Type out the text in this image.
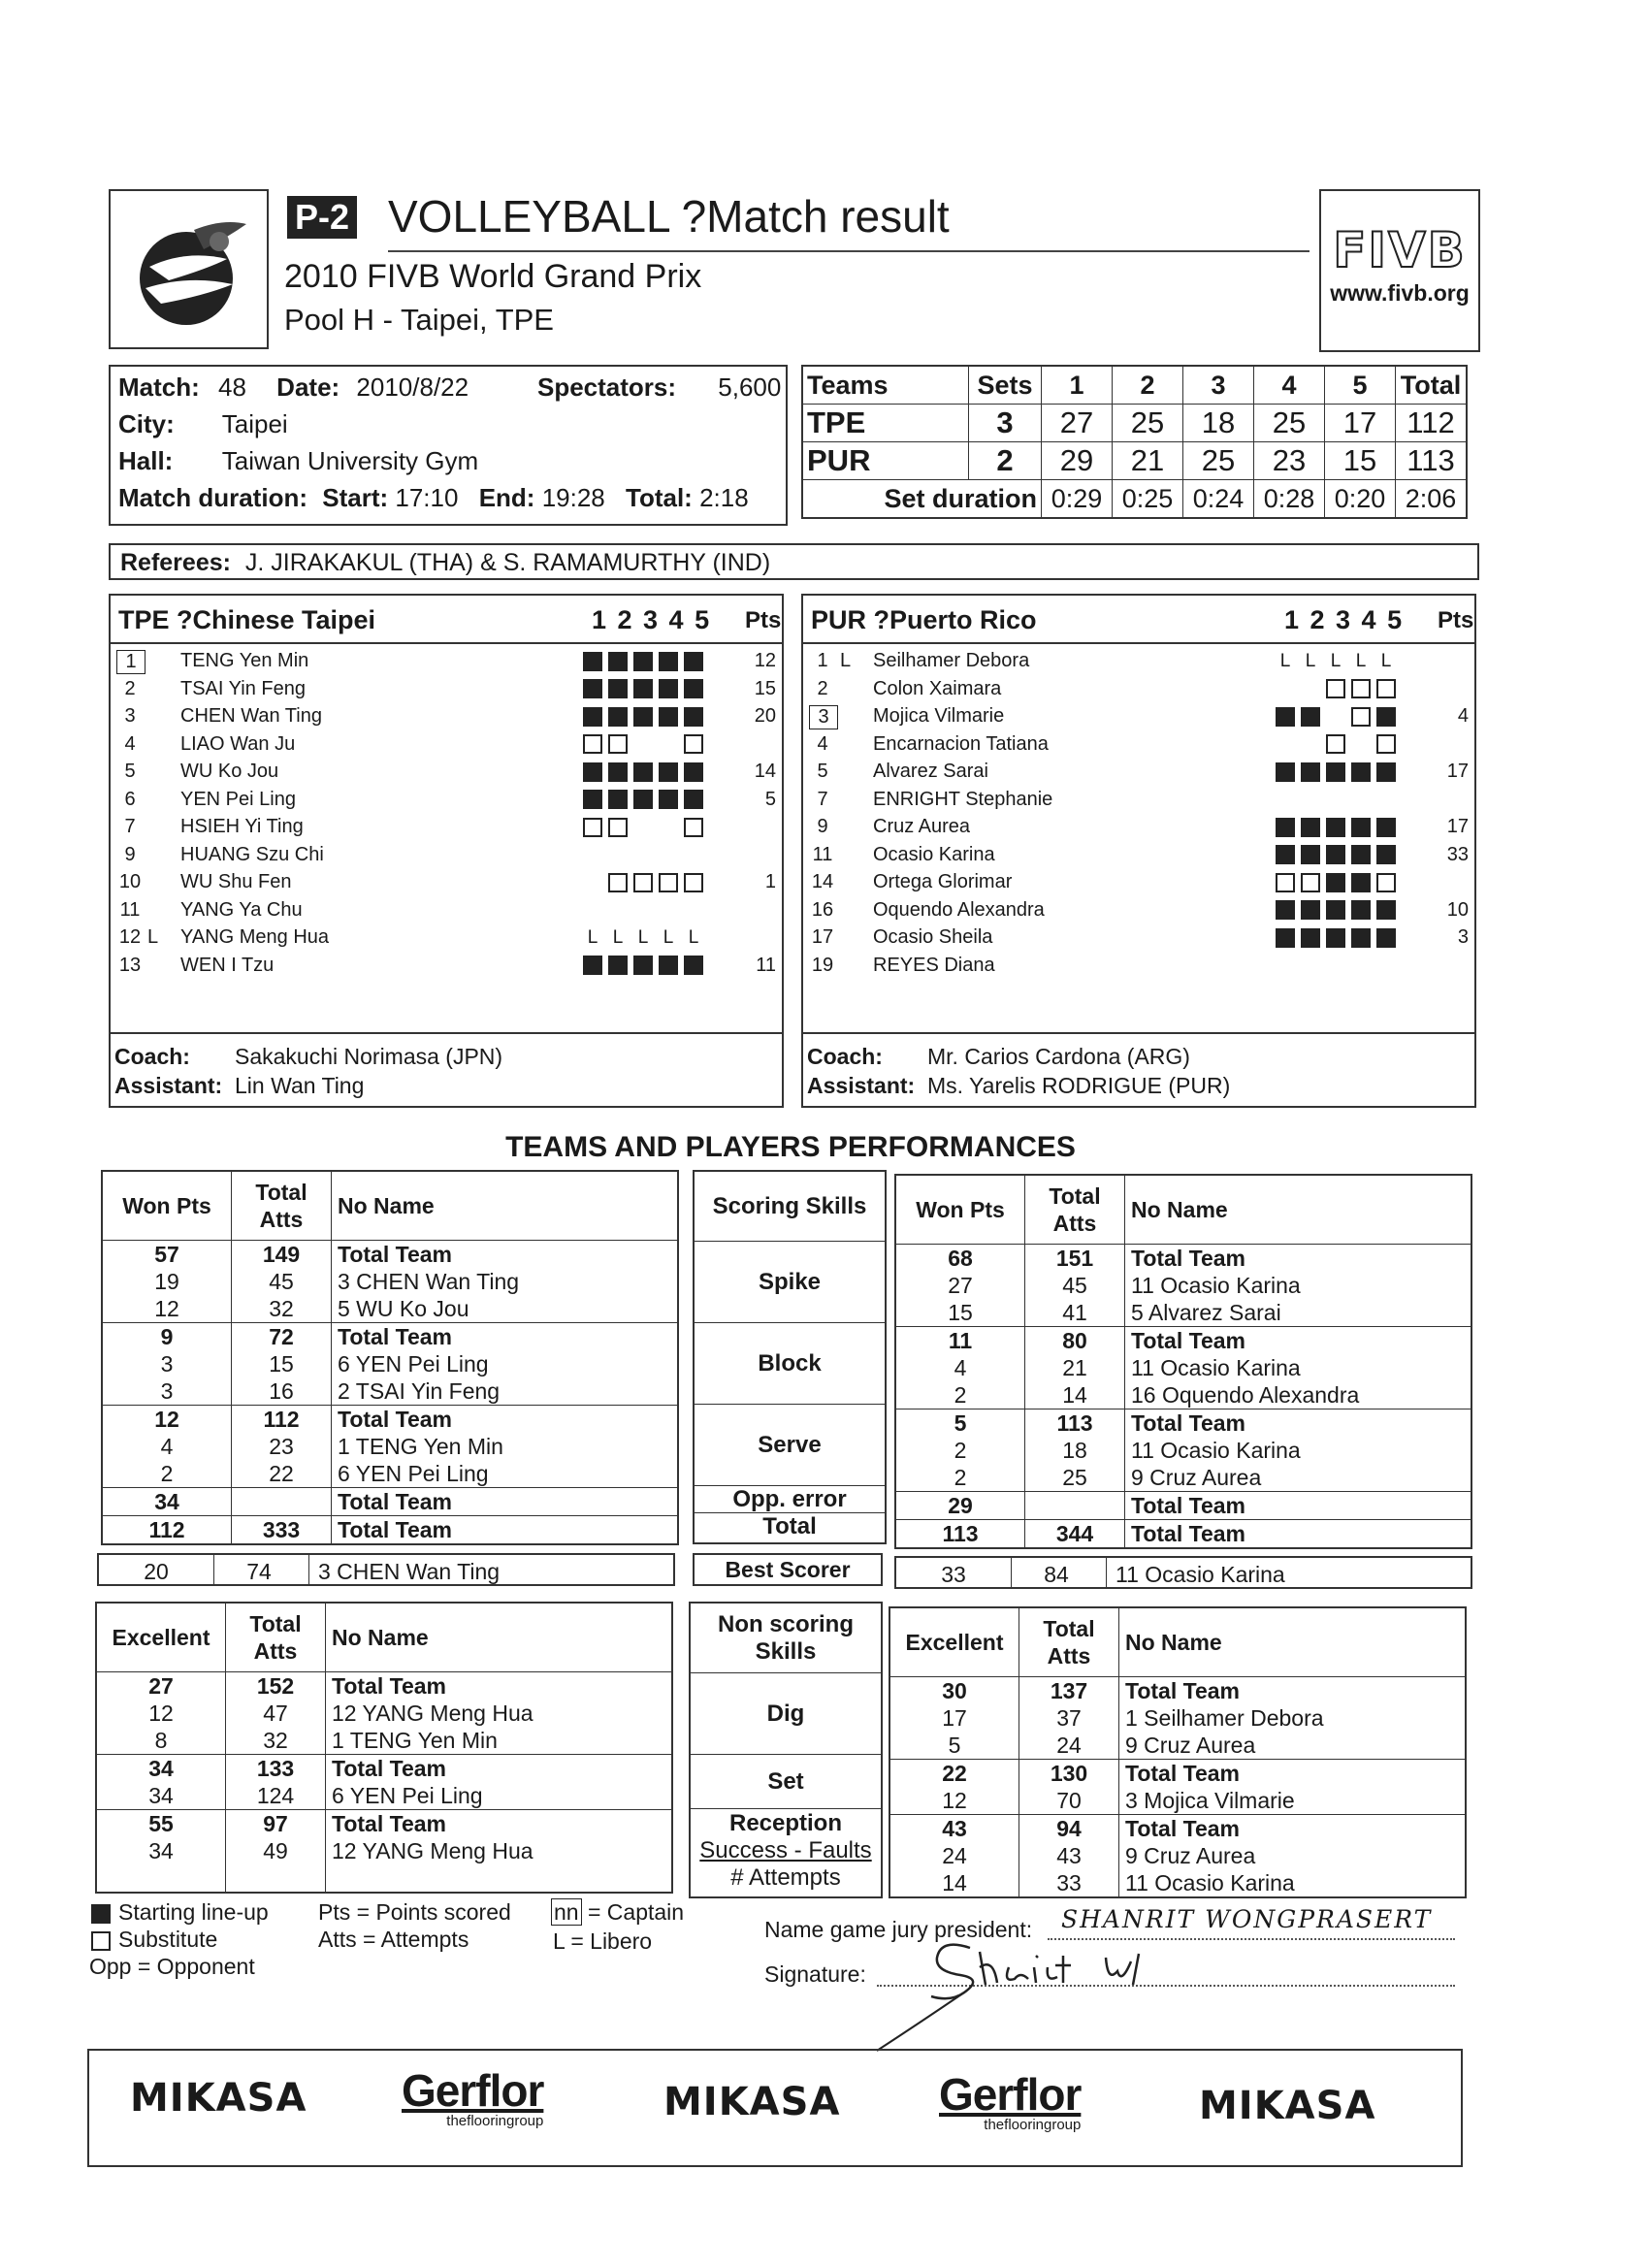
P-2 VOLLEYBALL ?Match result
2010 FIVB World Grand Prix
Pool H - Taipei, TPE
FIVB
www.fivb.org
Match: 48 Date: 2010/8/22	Spectators: 5,600
City: Taipei
Hall: Taiwan University Gym
Match duration: Start: 17:10 End: 19:28 Total: 2:18
Teams	Sets	1	2	3	4	5	Total
TPE	3	27	25	18	25	17	112
PUR	2	29	21	25	23	15	113
Set duration		0:29	0:25	0:24	0:28	0:20	2:06
Referees: J. JIRAKAKUL (THA) & S. RAMAMURTHY (IND)
TPE ?Chinese Taipei	1 2 3 4 5 Pts
1	TENG Yen Min	12
2	TSAI Yin Feng	15
3	CHEN Wan Ting	20
4	LIAO Wan Ju
5	WU Ko Jou	14
6	YEN Pei Ling	5
7	HSIEH Yi Ting
9	HUANG Szu Chi
10 WU Shu Fen	1
11 YANG Ya Chu
12 L YANG Meng Hua	L L L L L
13 WEN I Tzu	11
Coach: Sakakuchi Norimasa (JPN)
Assistant: Lin Wan Ting
PUR ?Puerto Rico	1 2 3 4 5 Pts
1 L Seilhamer Debora	L L L L L
2	Colon Xaimara
3	Mojica Vilmarie	4
4	Encarnacion Tatiana
5	Alvarez Sarai	17
7	ENRIGHT Stephanie
9	Cruz Aurea	17
11 Ocasio Karina	33
14 Ortega Glorimar
16 Oquendo Alexandra	10
17 Ocasio Sheila	3
19 REYES Diana
Coach: Mr. Carios Cardona (ARG)
Assistant: Ms. Yarelis RODRIGUE (PUR)
TEAMS AND PLAYERS PERFORMANCES
Won Pts	Total Atts	No Name
57	149	Total Team
19	45	3 CHEN Wan Ting
12	32	5 WU Ko Jou
9	72	Total Team
3	15	6 YEN Pei Ling
3	16	2 TSAI Yin Feng
12	112	Total Team
4	23	1 TENG Yen Min
2	22	6 YEN Pei Ling
34		Total Team
112	333	Total Team
Scoring Skills
Spike
Block
Serve
Opp. error
Total
Won Pts	Total Atts	No Name
68	151	Total Team
27	45	11 Ocasio Karina
15	41	5 Alvarez Sarai
11	80	Total Team
4	21	11 Ocasio Karina
2	14	16 Oquendo Alexandra
5	113	Total Team
2	18	11 Ocasio Karina
2	25	9 Cruz Aurea
29		Total Team
113	344	Total Team
20	74	3 CHEN Wan Ting	Best Scorer	33	84	11 Ocasio Karina
Excellent	Total Atts	No Name
27	152	Total Team
12	47	12 YANG Meng Hua
8	32	1 TENG Yen Min
34	133	Total Team
34	124	6 YEN Pei Ling
55	97	Total Team
34	49	12 YANG Meng Hua

Non scoring Skills
Dig
Set
Reception
Success - Faults
# Attempts
Excellent	Total Atts	No Name
30	137	Total Team
17	37	1 Seilhamer Debora
5	24	9 Cruz Aurea
22	130	Total Team
12	70	3 Mojica Vilmarie
43	94	Total Team
24	43	9 Cruz Aurea
14	33	11 Ocasio Karina
Starting line-up
Substitute
Opp = Opponent
Pts = Points scored
Atts = Attempts
nn = Captain
L = Libero	Name game jury president: SHANRIT WONGPRASERT
Signature:
MIKASA Gerflor
theflooringroup	MIKASA Gerflor
theflooringroup	MIKASA
